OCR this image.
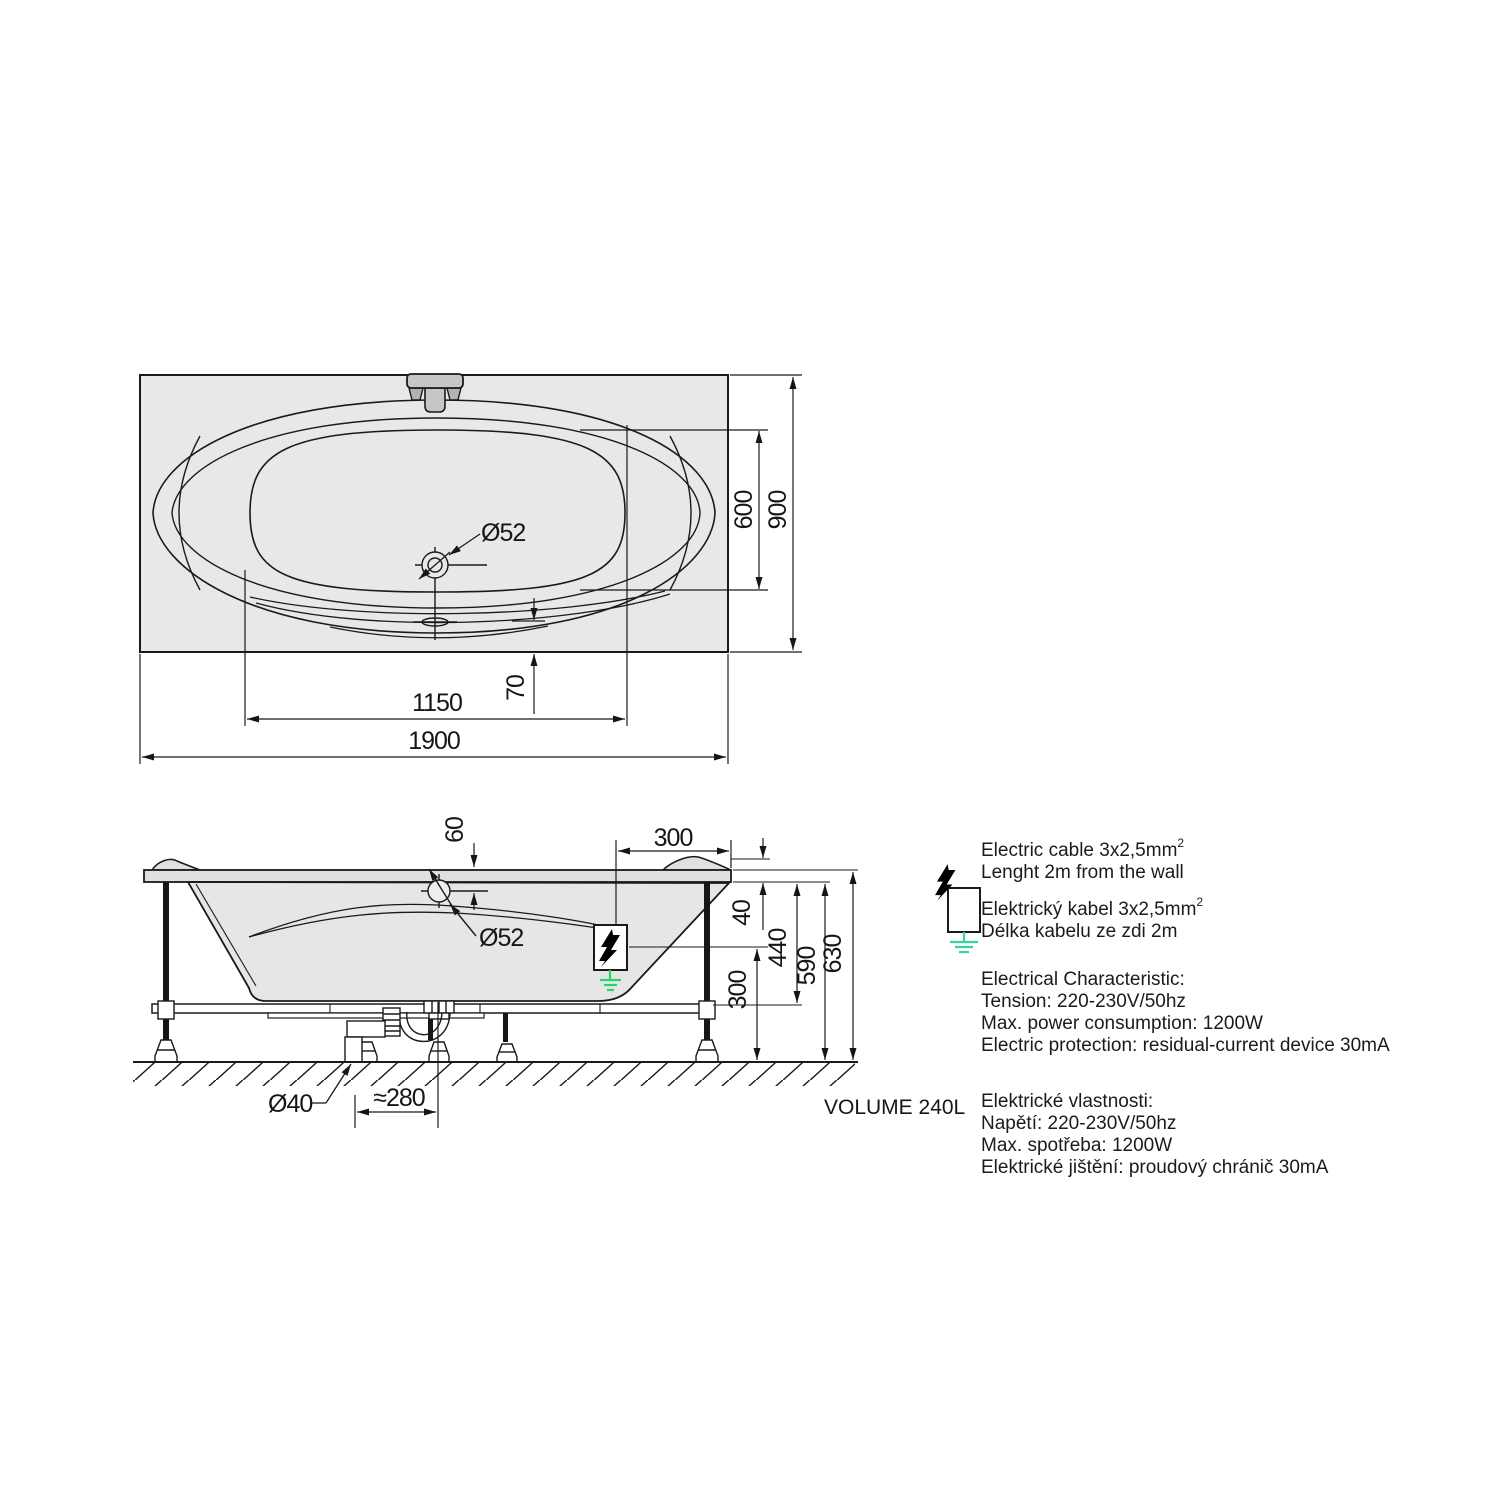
Ø52
600 900
70
1150
1900
Ø52
60	300
40
300
440 590
630
Ø40 ≈280	VOLUME 240L
Electric cable $3x2,5mm^2$
Lenght 2m from the wall
Elektrický kabel $3x2,5mm^2$
Délka kabelu ze zdi 2m
Electrical Characteristic:
Tension: 220-230V/50hz
Max. power consumption: 1200W
Electric protection: residual-current device 30mA
Elektrické vlastnosti:
Napětí: 220-230V/50hz
Max. spotřeba: 1200W
Elektrické jištění: proudový chránič 30mA
